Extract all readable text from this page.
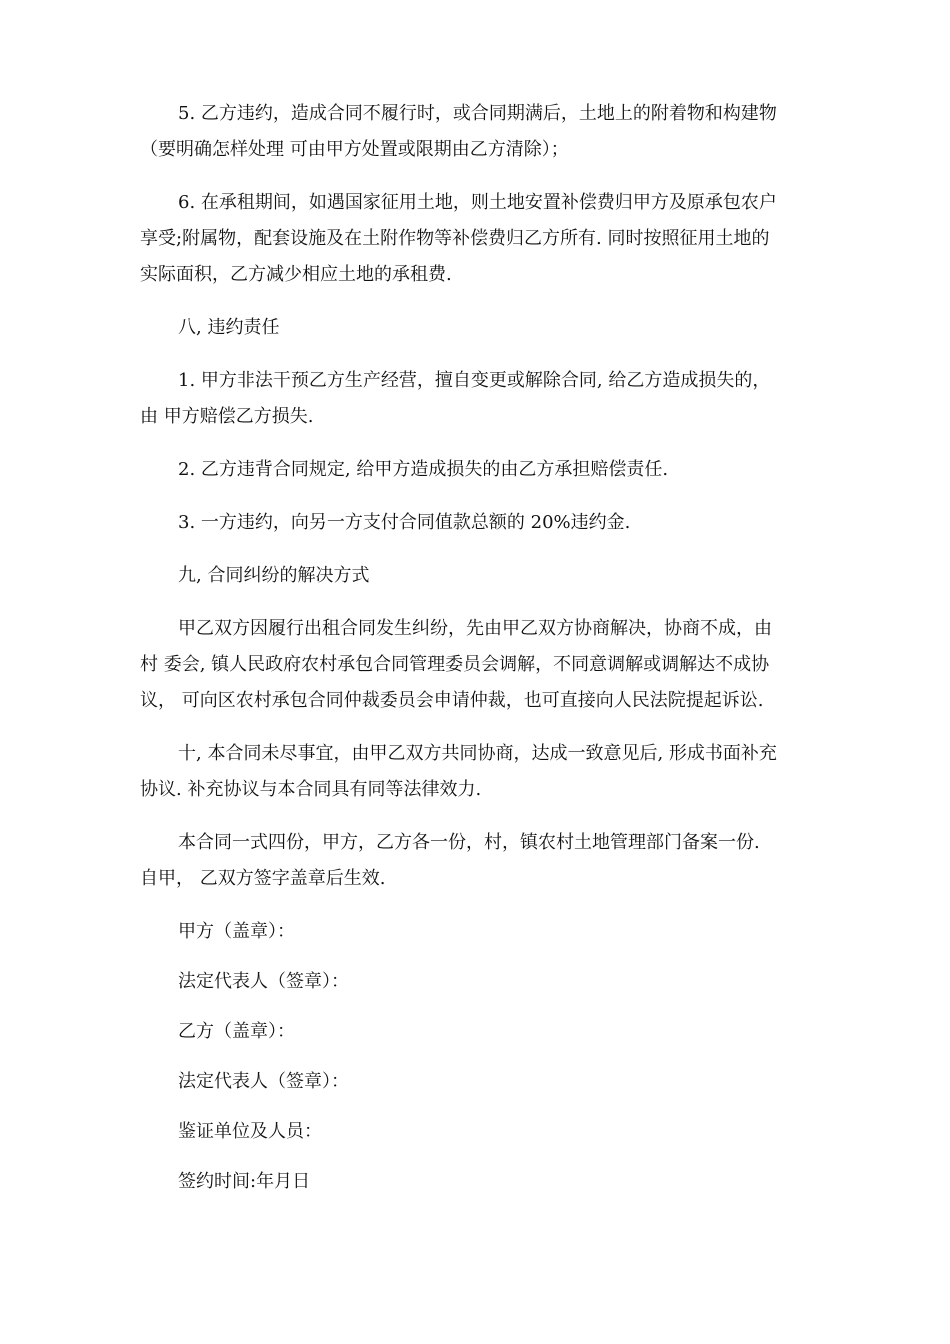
5. 乙方违约，造成合同不履行时，或合同期满后，土地上的附着物和构建物
（要明确怎样处理 可由甲方处置或限期由乙方清除）；

6. 在承租期间，如遇国家征用土地，则土地安置补偿费归甲方及原承包农户
享受;附属物，配套设施及在土附作物等补偿费归乙方所有. 同时按照征用土地的
实际面积，乙方减少相应土地的承租费.

八, 违约责任

1. 甲方非法干预乙方生产经营，擅自变更或解除合同, 给乙方造成损失的，
由 甲方赔偿乙方损失.

2. 乙方违背合同规定, 给甲方造成损失的由乙方承担赔偿责任.

3. 一方违约，向另一方支付合同值款总额的 20%违约金.

九, 合同纠纷的解决方式

甲乙双方因履行出租合同发生纠纷，先由甲乙双方协商解决，协商不成，由
村 委会, 镇人民政府农村承包合同管理委员会调解，不同意调解或调解达不成协
议， 可向区农村承包合同仲裁委员会申请仲裁，也可直接向人民法院提起诉讼.

十, 本合同未尽事宜，由甲乙双方共同协商，达成一致意见后, 形成书面补充
协议. 补充协议与本合同具有同等法律效力.

本合同一式四份，甲方，乙方各一份，村，镇农村土地管理部门备案一份.
自甲， 乙双方签字盖章后生效.

甲方（盖章）：

法定代表人（签章）：

乙方（盖章）：

法定代表人（签章）：

鉴证单位及人员：

签约时间:年月日
